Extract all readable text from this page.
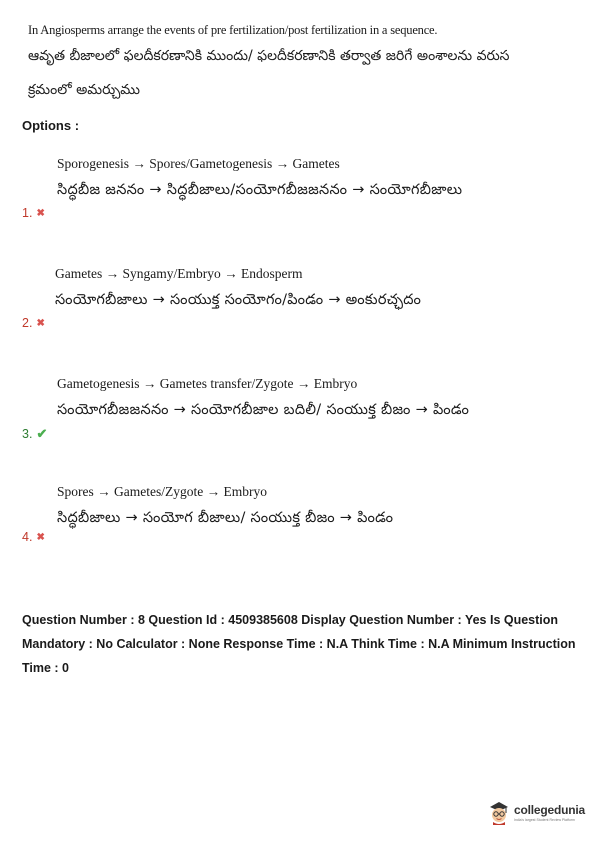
In Angiosperms arrange the events of pre fertilization/post fertilization in a sequence.
ఆవృత బీజాలలో ఫలదీకరణానికి ముందు/ ఫలదీకరణానికి తర్వాత జరిగే అంశాలను వరుస
క్రమంలో అమర్చుము
Options :
Sporogenesis → Spores/Gametogenesis → Gametes
సిద్ధబీజ జననం → సిద్ధబీజాలు/సంయోగబీజజననం → సంయోగబీజాలు
1. ✖
Gametes → Syngamy/Embryo → Endosperm
సంయోగబీజాలు → సంయుక్త సంయోగం/పిండం → అంకురచ్ఛదం
2. ✖
Gametogenesis → Gametes transfer/Zygote → Embryo
సంయోగబీజజననం → సంయోగబీజాల బదిలీ/ సంయుక్త బీజం → పిండం
3. ✔
Spores → Gametes/Zygote → Embryo
సిద్ధబీజాలు → సంయోగ బీజాలు/ సంయుక్త బీజం → పిండం
4. ✖
Question Number : 8 Question Id : 4509385608 Display Question Number : Yes Is Question Mandatory : No Calculator : None Response Time : N.A Think Time : N.A Minimum Instruction Time : 0
collegedunia
India's largest Student Review Platform
